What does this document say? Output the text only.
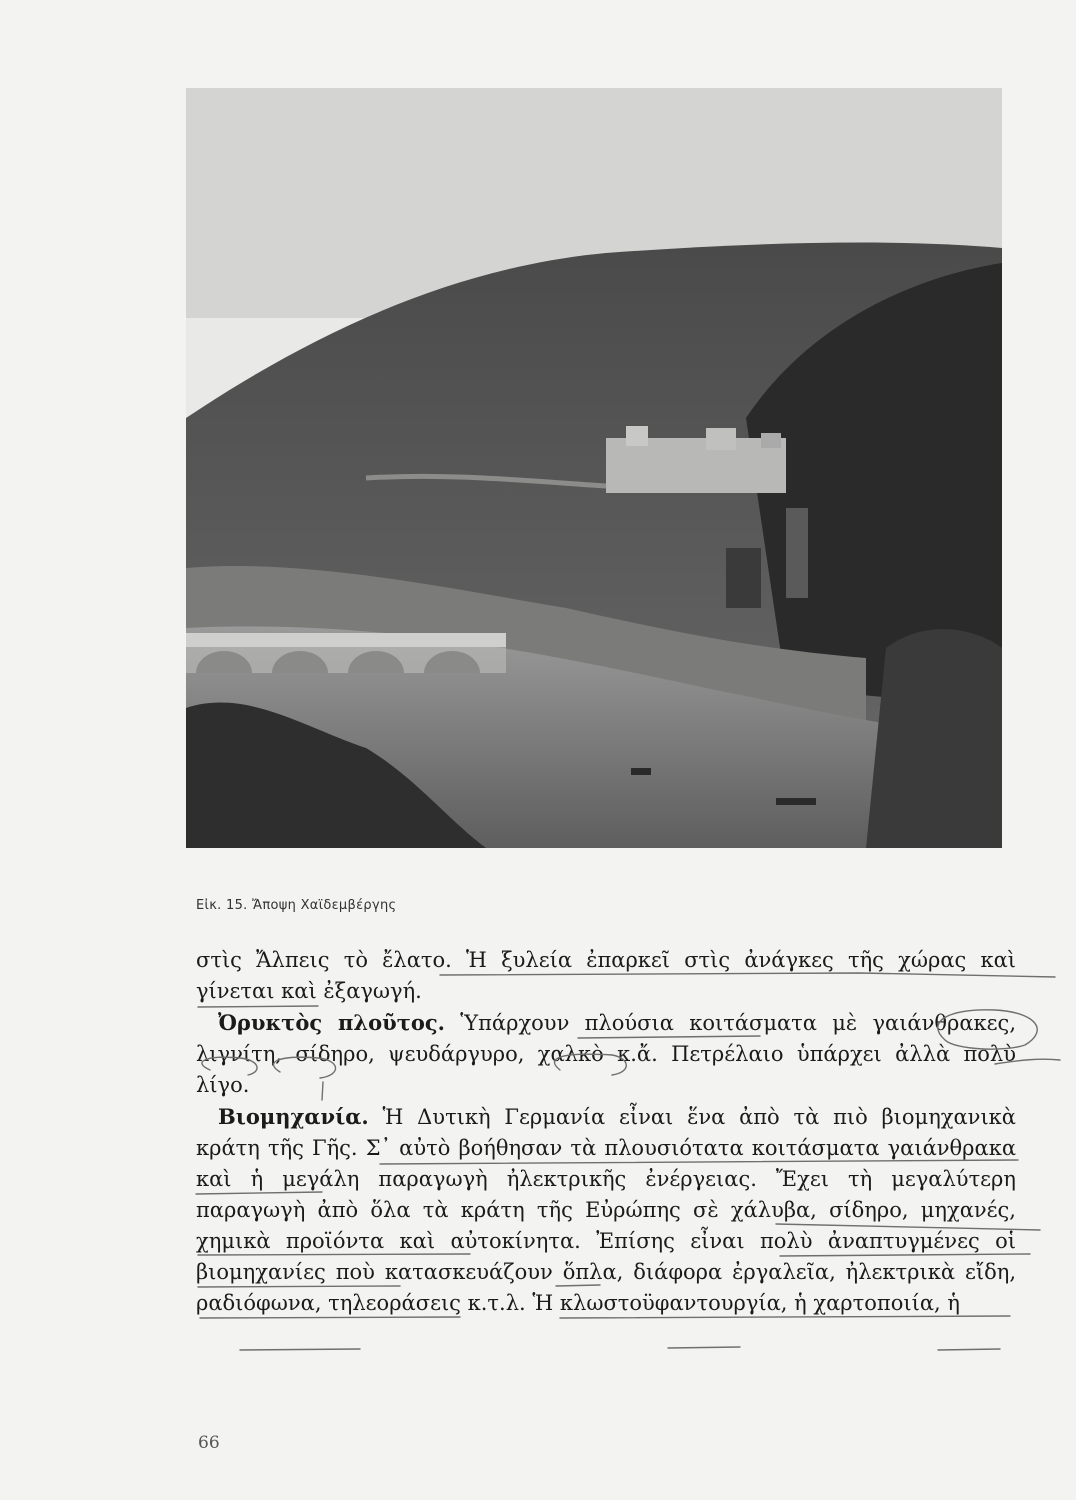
Εἰκ. 15. Ἄποψη Χαϊδεμβέργης

στὶς Ἄλπεις τὸ ἔλατο. Ἡ ξυλεία ἐπαρκεῖ στὶς ἀνάγκες τῆς χώρας καὶ γίνεται καὶ ἐξαγωγή.

Ὀρυκτὸς πλοῦτος. Ὑπάρχουν πλούσια κοιτάσματα μὲ γαιάνθρακες, λιγνίτη, σίδηρο, ψευδάργυρο, χαλκὸ κ.ἄ. Πετρέλαιο ὑπάρχει ἀλλὰ πολὺ λίγο.

Βιομηχανία. Ἡ Δυτικὴ Γερμανία εἶναι ἕνα ἀπὸ τὰ πιὸ βιομηχανικὰ κράτη τῆς Γῆς. Σ᾽ αὐτὸ βοήθησαν τὰ πλουσιότατα κοιτάσματα γαιάνθρακα καὶ ἡ μεγάλη παραγωγὴ ἠλεκτρικῆς ἐνέργειας. Ἔχει τὴ μεγαλύτερη παραγωγὴ ἀπὸ ὅλα τὰ κράτη τῆς Εὐρώπης σὲ χάλυβα, σίδηρο, μηχανές, χημικὰ προϊόντα καὶ αὐτοκίνητα. Ἐπίσης εἶναι πολὺ ἀναπτυγμένες οἱ βιομηχανίες ποὺ κατασκευάζουν ὅπλα, διάφορα ἐργαλεῖα, ἠλεκτρικὰ εἴδη, ραδιόφωνα, τηλεοράσεις κ.τ.λ. Ἡ κλωστοϋφαντουργία, ἡ χαρτοποιία, ἡ

66
